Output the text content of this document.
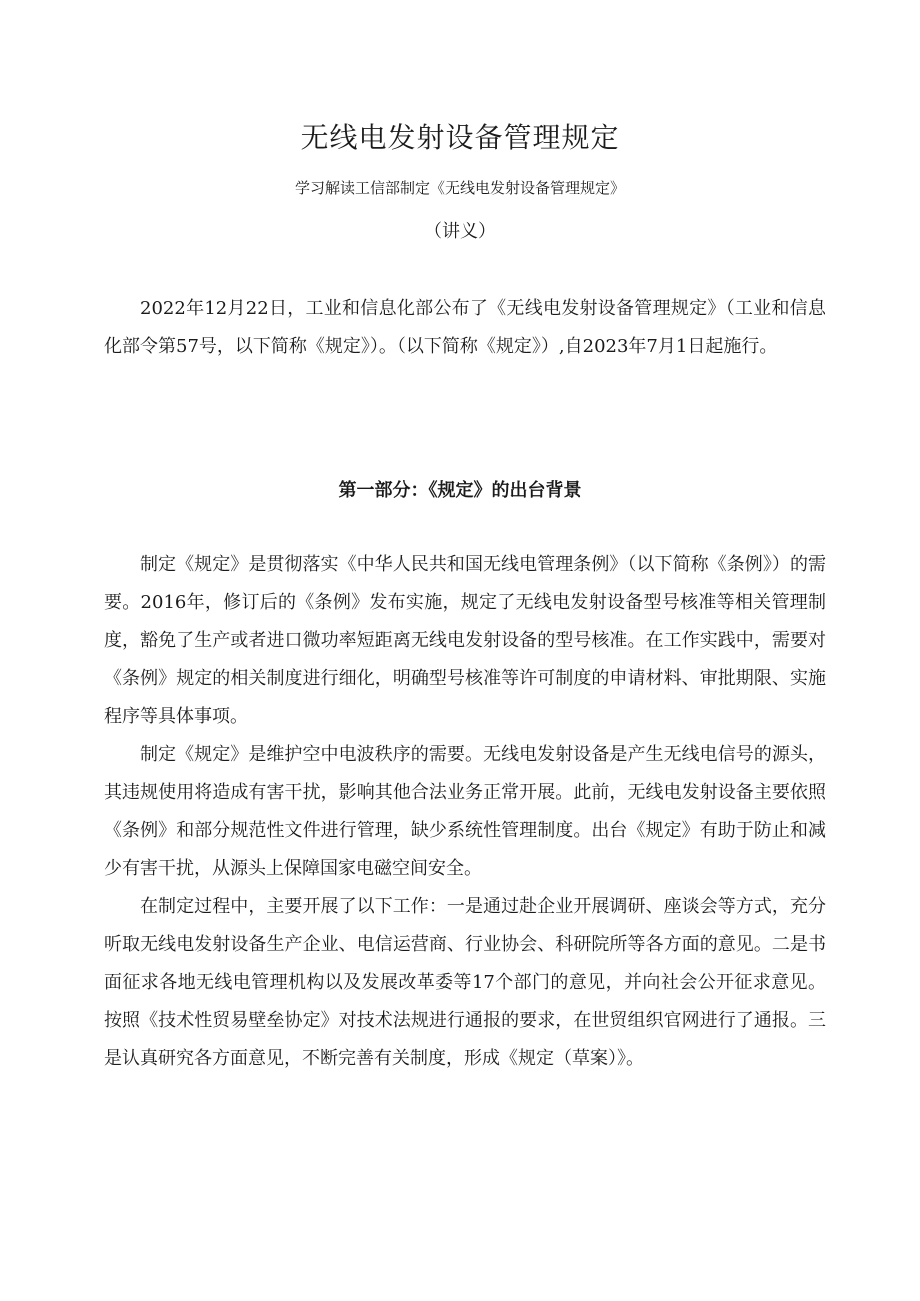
无线电发射设备管理规定
学习解读工信部制定《无线电发射设备管理规定》
（讲义）

2022年12月22日，工业和信息化部公布了《无线电发射设备管理规定》（工业和信息化部令第57号，以下简称《规定》）。（以下简称《规定》）,自2023年7月1日起施行。

第一部分：《规定》的出台背景

制定《规定》是贯彻落实《中华人民共和国无线电管理条例》（以下简称《条例》）的需要。2016年，修订后的《条例》发布实施，规定了无线电发射设备型号核准等相关管理制度，豁免了生产或者进口微功率短距离无线电发射设备的型号核准。在工作实践中，需要对《条例》规定的相关制度进行细化，明确型号核准等许可制度的申请材料、审批期限、实施程序等具体事项。

制定《规定》是维护空中电波秩序的需要。无线电发射设备是产生无线电信号的源头，其违规使用将造成有害干扰，影响其他合法业务正常开展。此前，无线电发射设备主要依照《条例》和部分规范性文件进行管理，缺少系统性管理制度。出台《规定》有助于防止和减少有害干扰，从源头上保障国家电磁空间安全。

在制定过程中，主要开展了以下工作：一是通过赴企业开展调研、座谈会等方式，充分听取无线电发射设备生产企业、电信运营商、行业协会、科研院所等各方面的意见。二是书面征求各地无线电管理机构以及发展改革委等17个部门的意见，并向社会公开征求意见。按照《技术性贸易壁垒协定》对技术法规进行通报的要求，在世贸组织官网进行了通报。三是认真研究各方面意见，不断完善有关制度，形成《规定（草案）》。
